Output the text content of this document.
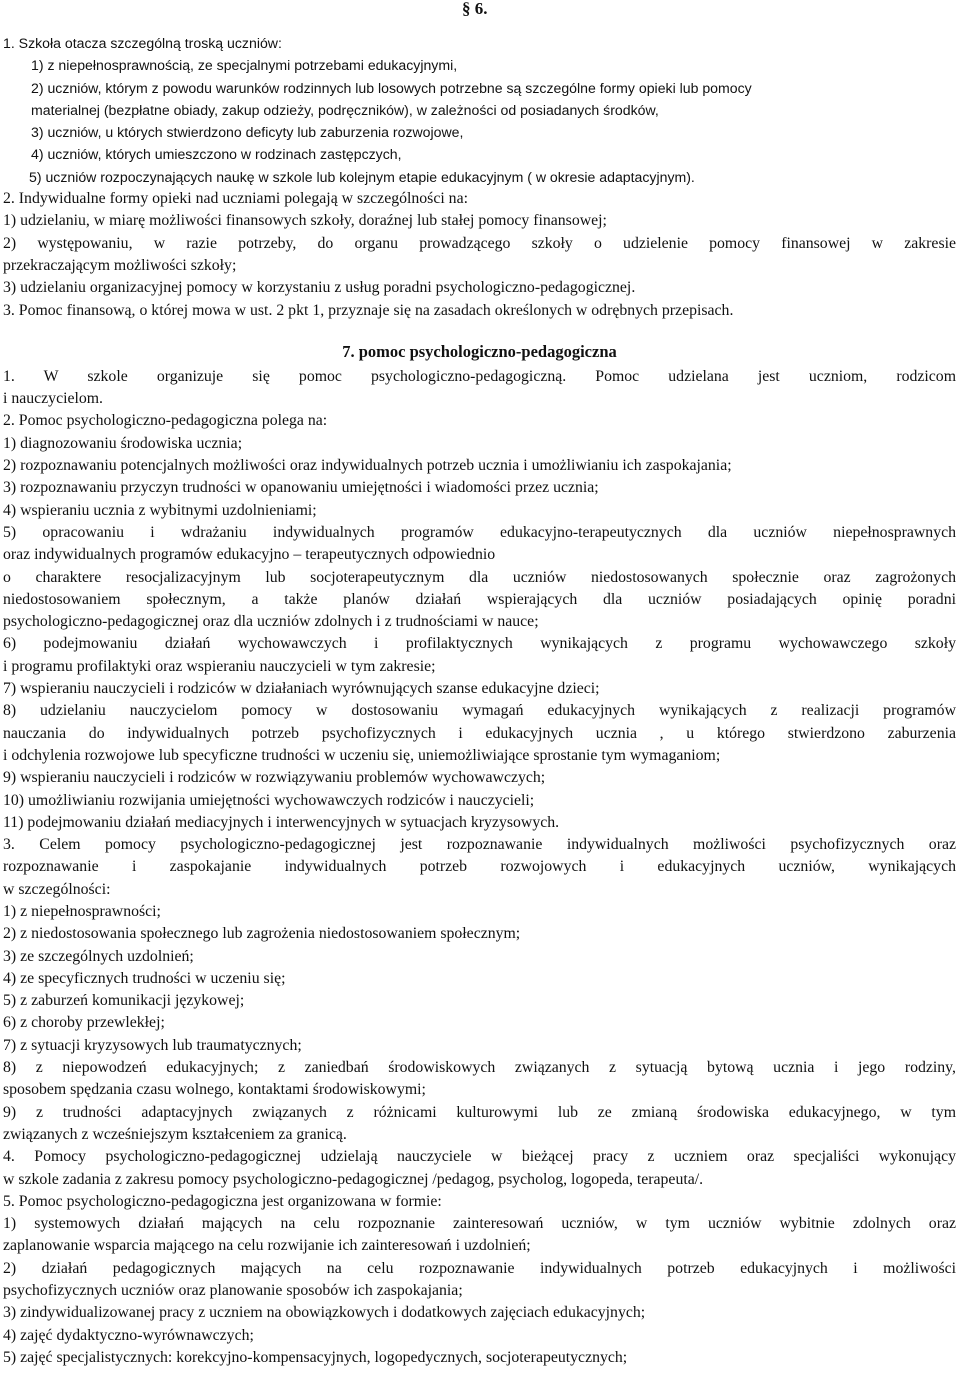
§ 6.
1. Szkoła otacza szczególną troską uczniów:
1) z niepełnosprawnością, ze specjalnymi potrzebami edukacyjnymi,
2) uczniów, którym z powodu warunków rodzinnych lub losowych potrzebne są szczególne formy opieki lub pomocy
materialnej (bezpłatne obiady, zakup odzieży, podręczników), w zależności od posiadanych środków,
3) uczniów, u których stwierdzono deficyty lub zaburzenia rozwojowe,
4) uczniów, których umieszczono w rodzinach zastępczych,
5) uczniów rozpoczynających naukę w szkole lub kolejnym etapie edukacyjnym ( w okresie adaptacyjnym).
2. Indywidualne formy opieki nad uczniami polegają w szczególności na:
1) udzielaniu, w miarę możliwości finansowych szkoły, doraźnej lub stałej pomocy finansowej;
2) występowaniu, w razie potrzeby, do organu prowadzącego szkoły o udzielenie pomocy finansowej w zakresie
przekraczającym możliwości szkoły;
3) udzielaniu organizacyjnej pomocy w korzystaniu z usług poradni psychologiczno-pedagogicznej.
3. Pomoc finansową, o której mowa w ust. 2 pkt 1, przyznaje się na zasadach określonych w odrębnych przepisach.
7. pomoc psychologiczno-pedagogiczna
1. W szkole organizuje się pomoc psychologiczno-pedagogiczną. Pomoc udzielana jest uczniom, rodzicom
i nauczycielom.
2. Pomoc psychologiczno-pedagogiczna polega na:
1) diagnozowaniu środowiska ucznia;
2) rozpoznawaniu potencjalnych możliwości oraz indywidualnych potrzeb ucznia i umożliwianiu ich zaspokajania;
3) rozpoznawaniu przyczyn trudności w opanowaniu umiejętności i wiadomości przez ucznia;
4) wspieraniu ucznia z wybitnymi uzdolnieniami;
5) opracowaniu i wdrażaniu indywidualnych programów edukacyjno-terapeutycznych dla uczniów niepełnosprawnych
oraz indywidualnych programów edukacyjno – terapeutycznych odpowiednio
o charaktere resocjalizacyjnym lub socjoterapeutycznym dla uczniów niedostosowanych społecznie oraz zagrożonych
niedostosowaniem społecznym, a także planów działań wspierających dla uczniów posiadających opinię poradni
psychologiczno-pedagogicznej oraz dla uczniów zdolnych i z trudnościami w nauce;
6) podejmowaniu działań wychowawczych i profilaktycznych wynikających z programu wychowawczego szkoły
i programu profilaktyki oraz wspieraniu nauczycieli w tym zakresie;
7) wspieraniu nauczycieli i rodziców w działaniach wyrównujących szanse edukacyjne dzieci;
8) udzielaniu nauczycielom pomocy w dostosowaniu wymagań edukacyjnych wynikających z realizacji programów
nauczania do indywidualnych potrzeb psychofizycznych i edukacyjnych ucznia , u którego stwierdzono zaburzenia
i odchylenia rozwojowe lub specyficzne trudności w uczeniu się, uniemożliwiające sprostanie tym wymaganiom;
9) wspieraniu nauczycieli i rodziców w rozwiązywaniu problemów wychowawczych;
10) umożliwianiu rozwijania umiejętności wychowawczych rodziców i nauczycieli;
11) podejmowaniu działań mediacyjnych i interwencyjnych w sytuacjach kryzysowych.
3. Celem pomocy psychologiczno-pedagogicznej jest rozpoznawanie indywidualnych możliwości psychofizycznych oraz
rozpoznawanie i zaspokajanie indywidualnych potrzeb rozwojowych i edukacyjnych uczniów, wynikających
w szczególności:
1) z niepełnosprawności;
2) z niedostosowania społecznego lub zagrożenia niedostosowaniem społecznym;
3) ze szczególnych uzdolnień;
4) ze specyficznych trudności w uczeniu się;
5) z zaburzeń komunikacji językowej;
6) z choroby przewlekłej;
7) z sytuacji kryzysowych lub traumatycznych;
8) z niepowodzeń edukacyjnych; z zaniedbań środowiskowych związanych z sytuacją bytową ucznia i jego rodziny,
sposobem spędzania czasu wolnego, kontaktami środowiskowymi;
9) z trudności adaptacyjnych związanych z różnicami kulturowymi lub ze zmianą środowiska edukacyjnego, w tym
związanych z wcześniejszym kształceniem za granicą.
4. Pomocy psychologiczno-pedagogicznej udzielają nauczyciele w bieżącej pracy z uczniem oraz specjaliści wykonujący
w szkole zadania z zakresu pomocy psychologiczno-pedagogicznej /pedagog, psycholog, logopeda, terapeuta/.
5. Pomoc psychologiczno-pedagogiczna jest organizowana w formie:
1) systemowych działań mających na celu rozpoznanie zainteresowań uczniów, w tym uczniów wybitnie zdolnych oraz
zaplanowanie wsparcia mającego na celu rozwijanie ich zainteresowań i uzdolnień;
2) działań pedagogicznych mających na celu rozpoznawanie indywidualnych potrzeb edukacyjnych i możliwości
psychofizycznych uczniów oraz planowanie sposobów ich zaspokajania;
3) zindywidualizowanej pracy z uczniem na obowiązkowych i dodatkowych zajęciach edukacyjnych;
4) zajęć dydaktyczno-wyrównawczych;
5) zajęć specjalistycznych: korekcyjno-kompensacyjnych, logopedycznych, socjoterapeutycznych;
